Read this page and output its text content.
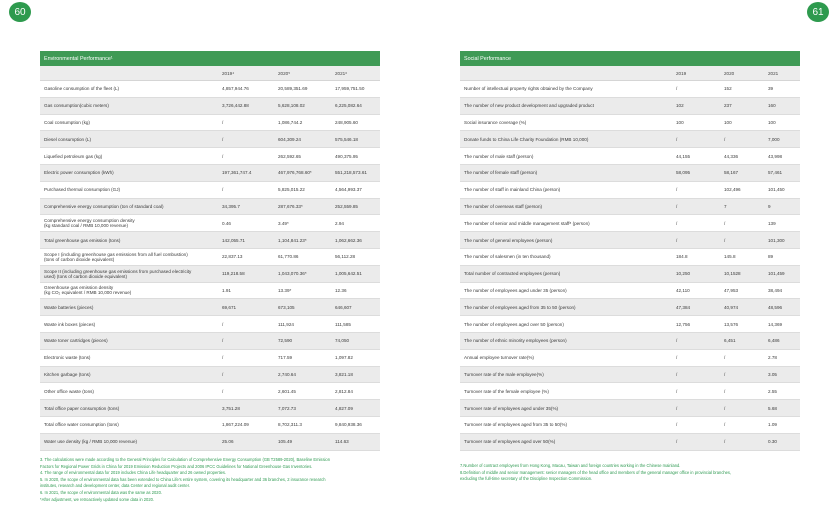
60	61
Environmental Performance¹
2019⁴	2020⁵	2021⁶
Gasoline consumption of the fleet (L)	4,857,944.76	20,589,351.69	17,959,751.50
Gas consumption(cubic meters)	3,726,442.88	5,628,108.02	6,225,082.64
Coal consumption (kg)	/	1,086,744.2	248,905.60
Diesel consumption (L)	/	604,309.24	575,546.18
Liquefied petroleum gas (kg)	/	262,592.65	490,375.95
Electric power consumption (kWh)	197,361,747.4	467,976,768.60*	551,218,573.61
Purchased thermal consumption (GJ)	/	5,825,015.22	4,564,993.37
Comprehensive energy consumption (ton of standard coal)	34,395.7	287,676.33*	252,559.85
Comprehensive energy consumption density
(kg standard coal / RMB 10,000 revenue)	0.46	3.49*	2.94
Total greenhouse gas emission (tons)	142,055.71	1,104,841.23*	1,062,662.36
Scope I (including greenhouse gas emissions from all fuel combustion)
(tons of carbon dioxide equivalent)	22,837.13	61,770.86	56,112.28
Scope II (including greenhouse gas emissions from purchased electricity
used) (tons of carbon dioxide equivalent)	119,218.58	1,043,070.36*	1,005,642.51
Greenhouse gas emission density
(kg CO₂ equivalent / RMB 10,000 revenue)	1.91	13.39*	12.36
Waste batteries (pieces)	69,671	673,105	646,607
Waste ink boxes (pieces)	/	111,924	111,585
Waste toner cartridges (pieces)	/	72,590	74,050
Electronic waste (tons)	/	717.59	1,097.82
Kitchen garbage (tons)	/	2,740.64	3,821.18
Other office waste (tons)	/	2,601.45	2,812.84
Total office paper consumption (tons)	3,751.28	7,072.73	4,827.09
Total office water consumption (tons)	1,867,224.09	8,702,311.3	9,840,938.36
Water use density (kg / RMB 10,000 revenue)	25.06	105.49	114.63
Social Performance
2019	2020	2021
Number of intellectual property rights obtained by the Company	/	152	39
The number of new product development and upgraded product	102	237	160
Social insurance coverage (%)	100	100	100
Donate funds to China Life Charity Foundation (RMB 10,000)	/	/	7,000
The number of male staff (person)	44,155	44,336	43,998
The number of female staff (person)	58,095	58,167	57,461
The number of staff in mainland China (person)	/	102,496	101,450
The number of overseas staff (person)	/	7	9
The number of senior and middle management staff⁸ (person)	/	/	139
The number of general employees (person)	/	/	101,300
The number of salesmen (in ten thousand)	184.8	145.8	89
Total number of contracted employees (person)	10,250	10,1528	101,459
The number of employees aged under 35 (person)	42,110	47,953	38,494
The number of employees aged from 35 to 50 (person)	47,384	40,974	48,596
The number of employees aged over 50 (person)	12,756	13,576	14,369
The number of ethnic minority employees (person)	/	6,451	6,486
Annual employee turnover rate(%)	/	/	2.78
Turnover rate of the male employee(%)	/	/	3.05
Turnover rate of the female employee (%)	/	/	2.55
Turnover rate of employees aged under 35(%)	/	/	5.68
Turnover rate of employees aged from 35 to 50(%)	/	/	1.09
Turnover rate of employees aged over 50(%)	/	/	0.30
3. The calculations were made according to the General Principles for Calculation of Comprehensive Energy Consumption (GB T2589-2020), Baseline Emission
Factors for Regional Power Grids in China for 2019 Emission Reduction Projects and 2006 IPCC Guidelines for National Greenhouse Gas Inventories.
4. The range of environmental data for 2019 includes China Life headquarter and 26 owned properties.
5. In 2020, the scope of environmental data has been extended to China Life's entire system, covering its headquarter and 36 branches, 2 insurance research
institutes, research and development center, data Center and regional audit center.
6. In 2021, the scope of environmental data was the same as 2020.
*After adjustment, we retroactively updated some data in 2020.
7.Number of contract employees from Hong Kong, Macau, Taiwan and foreign countries working in the Chinese mainland.
8.Definition of middle and senior management: senior managers of the head office and members of the general manager office in provincial branches,
excluding the full-time secretary of the Discipline Inspection Commission.
